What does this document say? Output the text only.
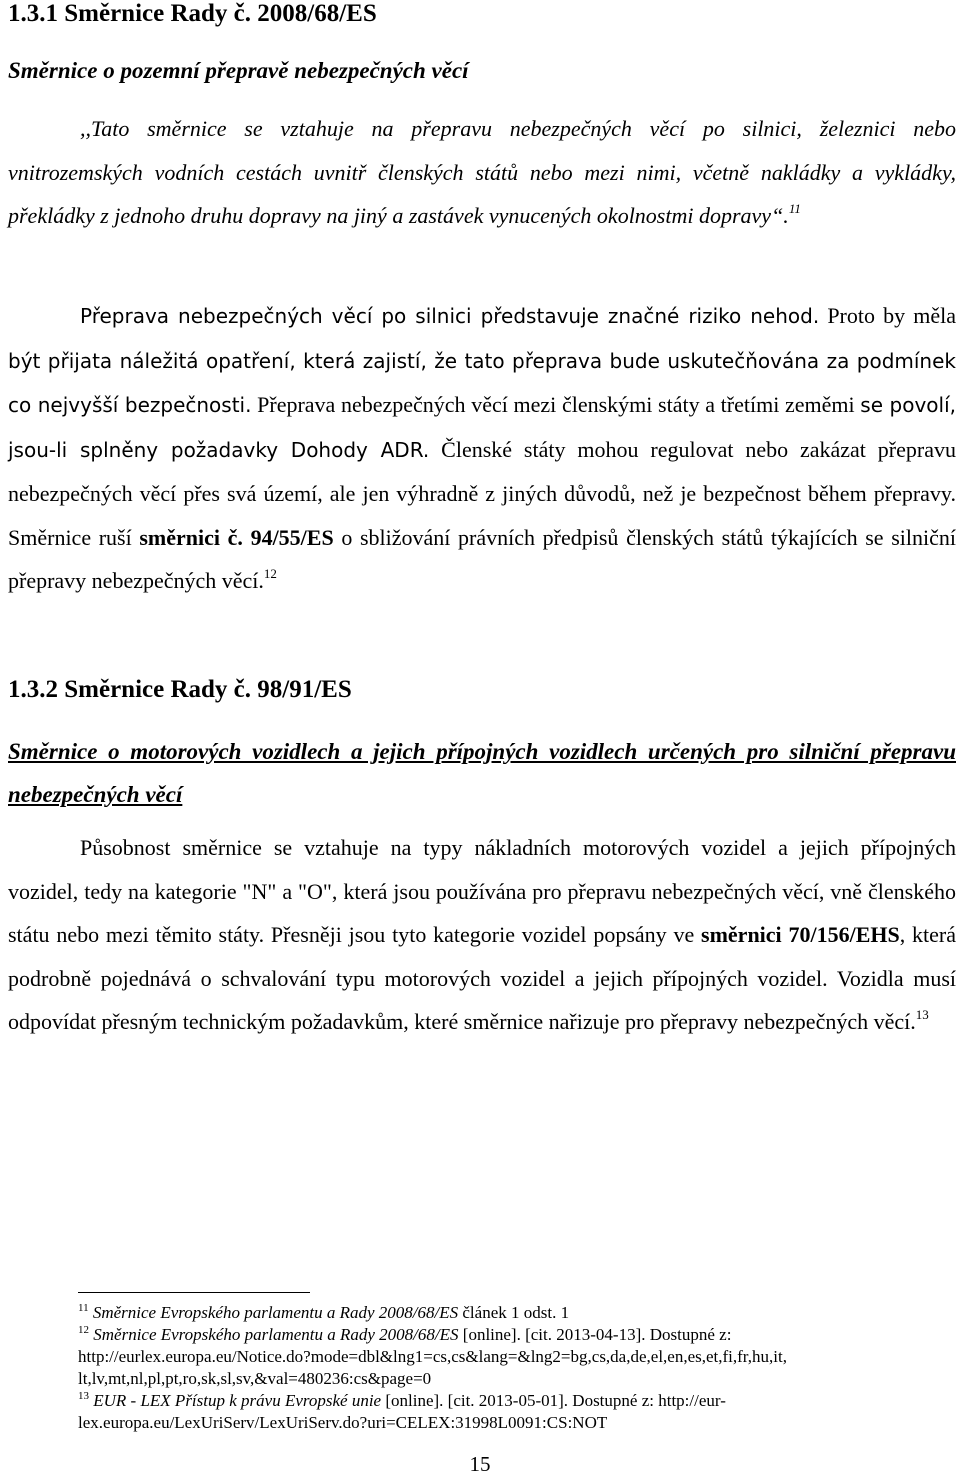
1.3.1 Směrnice Rady č. 2008/68/ES
Směrnice o pozemní přepravě nebezpečných věcí

,,Tato směrnice se vztahuje na přepravu nebezpečných věcí po silnici, železnici nebo vnitrozemských vodních cestách uvnitř členských států nebo mezi nimi, včetně nakládky a vykládky, překládky z jednoho druhu dopravy na jiný a zastávek vynucených okolnostmi dopravy“.$^{11}$

Přeprava nebezpečných věcí po silnici představuje značné riziko nehod. Proto by měla být přijata náležitá opatření, která zajistí, že tato přeprava bude uskutečňována za podmínek co nejvyšší bezpečnosti. Přeprava nebezpečných věcí mezi členskými státy a třetími zeměmi se povolí, jsou-li splněny požadavky Dohody ADR. Členské státy mohou regulovat nebo zakázat přepravu nebezpečných věcí přes svá území, ale jen výhradně z jiných důvodů, než je bezpečnost během přepravy. Směrnice ruší směrnici č. 94/55/ES o sbližování právních předpisů členských států týkajících se silniční přepravy nebezpečných věcí.$^{12}$

1.3.2 Směrnice Rady č. 98/91/ES
Směrnice o motorových vozidlech a jejich přípojných vozidlech určených pro silniční přepravu nebezpečných věcí

Působnost směrnice se vztahuje na typy nákladních motorových vozidel a jejich přípojných vozidel, tedy na kategorie "N" a "O", která jsou používána pro přepravu nebezpečných věcí, vně členského státu nebo mezi těmito státy. Přesněji jsou tyto kategorie vozidel popsány ve směrnici 70/156/EHS, která podrobně pojednává o schvalování typu motorových vozidel a jejich přípojných vozidel. Vozidla musí odpovídat přesným technickým požadavkům, které směrnice nařizuje pro přepravy nebezpečných věcí.$^{13}$

$^{11}$ Směrnice Evropského parlamentu a Rady 2008/68/ES článek 1 odst. 1

$^{12}$ Směrnice Evropského parlamentu a Rady 2008/68/ES [online]. [cit. 2013-04-13]. Dostupné z: http://eurlex.europa.eu/Notice.do?mode=dbl&lng1=cs,cs&lang=&lng2=bg,cs,da,de,el,en,es,et,fi,fr,hu,it, lt,lv,mt,nl,pl,pt,ro,sk,sl,sv,&val=480236:cs&page=0

$^{13}$ EUR - LEX Přístup k právu Evropské unie [online]. [cit. 2013-05-01]. Dostupné z: http://eur-lex.europa.eu/LexUriServ/LexUriServ.do?uri=CELEX:31998L0091:CS:NOT

15
